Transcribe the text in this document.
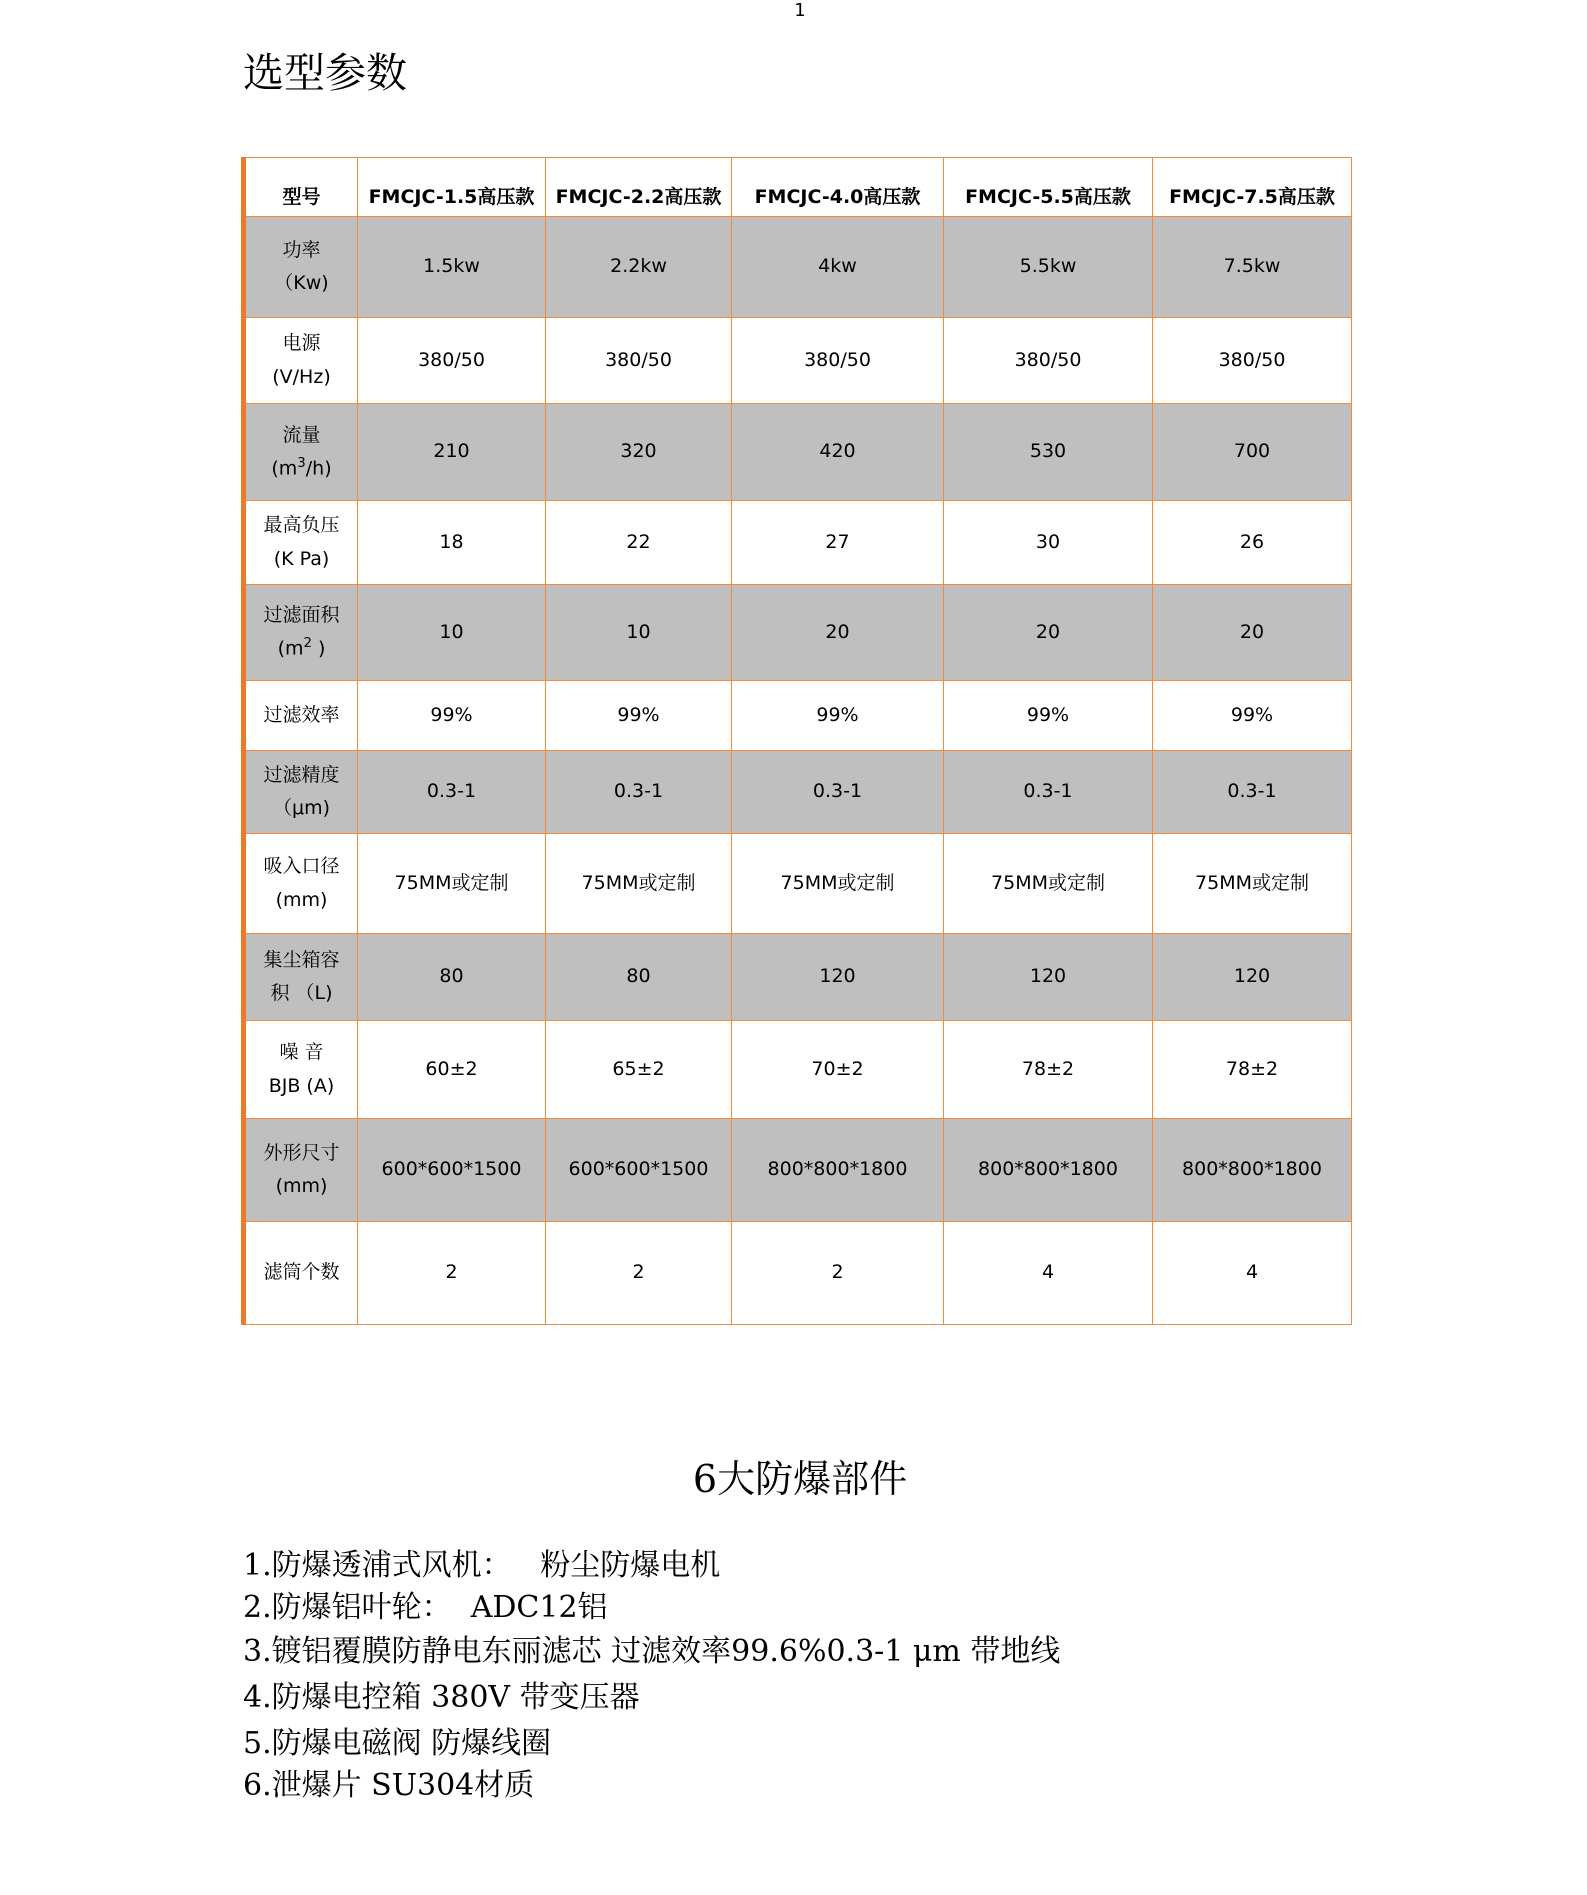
1
选型参数
型号	FMCJC-1.5高压款	FMCJC-2.2高压款	FMCJC-4.0高压款	FMCJC-5.5高压款	FMCJC-7.5高压款

功率
（Kw)	1.5kw	2.2kw	4kw	5.5kw	7.5kw

电源
(V/Hz)	380/50	380/50	380/50	380/50	380/50

流量
$(m^3/h)$	210	320	420	530	700

最高负压
(K Pa)	18	22	27	30	26

过滤面积
($m^2$ )	10	10	20	20	20

过滤效率	99%	99%	99%	99%	99%

过滤精度
（μm)	0.3-1	0.3-1	0.3-1	0.3-1	0.3-1

吸入口径
(mm)	75MM或定制	75MM或定制	75MM或定制	75MM或定制	75MM或定制

集尘箱容
积 （L)	80	80	120	120	120

噪 音
BJB (A)	60±2	65±2	70±2	78±2	78±2

外形尺寸
(mm)	600*600*1500	600*600*1500	800*800*1800	800*800*1800	800*800*1800

滤筒个数	2	2	2	4	4
6大防爆部件
1.防爆透浦式风机：   粉尘防爆电机
2.防爆铝叶轮：  ADC12铝
3.镀铝覆膜防静电东丽滤芯 过滤效率99.6%0.3-1 μm 带地线
4.防爆电控箱 380V 带变压器
5.防爆电磁阀 防爆线圈
6.泄爆片 SU304材质
